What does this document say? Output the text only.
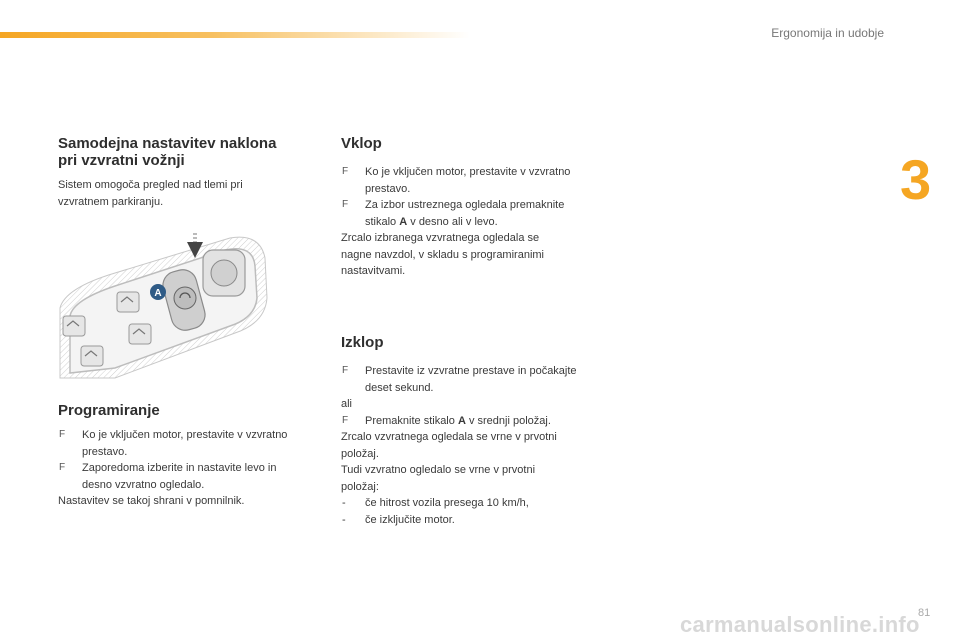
Ergonomija in udobje
3
Samodejna nastavitev naklona
pri vzvratni vožnji

Sistem omogoča pregled nad tlemi pri
vzvratnem parkiranju.

A
Programiranje
F Ko je vključen motor, prestavite v vzvratno
prestavo.
F Zaporedoma izberite in nastavite levo in
desno vzvratno ogledalo.

Nastavitev se takoj shrani v pomnilnik.

Vklop
F Ko je vključen motor, prestavite v vzvratno
prestavo.
F Za izbor ustreznega ogledala premaknite
stikalo A v desno ali v levo.

Zrcalo izbranega vzvratnega ogledala se
nagne navzdol, v skladu s programiranimi
nastavitvami.

Izklop
F Prestavite iz vzvratne prestave in počakajte
deset sekund.

ali

F Premaknite stikalo A v srednji položaj.

Zrcalo vzvratnega ogledala se vrne v prvotni
položaj.

Tudi vzvratno ogledalo se vrne v prvotni
položaj:

- če hitrost vozila presega 10 km/h,
- če izključite motor.
carmanualsonline.info
81
